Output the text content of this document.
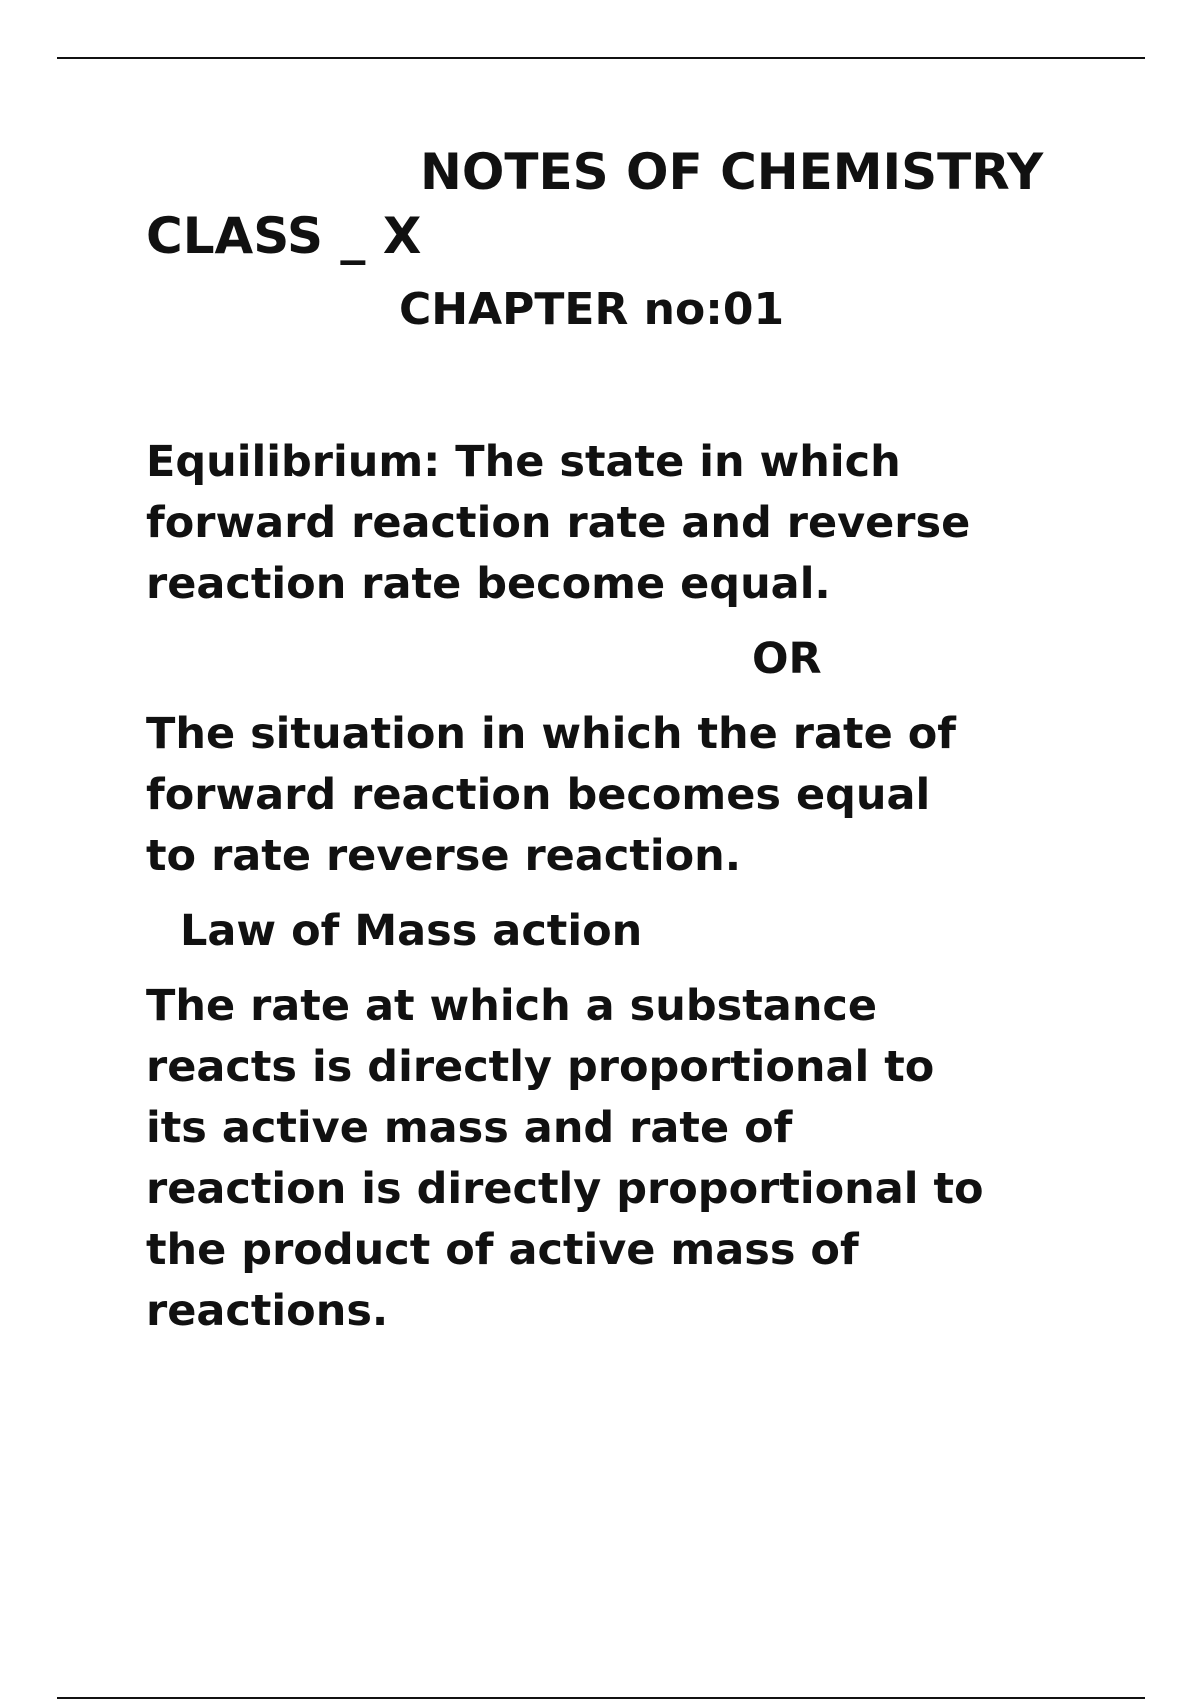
NOTES OF CHEMISTRY

CLASS _ X

CHAPTER no:01

Equilibrium: The state in which
forward reaction rate and reverse
reaction rate become equal.

OR

The situation in which the rate of
forward reaction becomes equal
to rate reverse reaction.

Law of Mass action

The rate at which a substance
reacts is directly proportional to
its active mass and rate of
reaction is directly proportional to
the product of active mass of
reactions.
